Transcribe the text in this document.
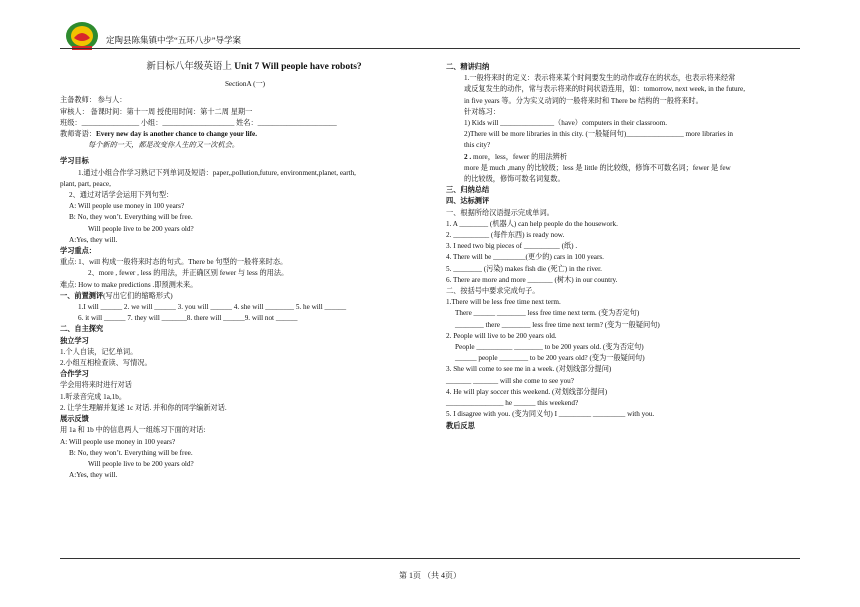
定陶县陈集镇中学“五环八步”导学案
新目标八年级英语上 Unit 7 Will people have robots?
SectionA (一)
主备教师： 参与人：
审核人： 备课时间：第十一周 授使用时间：第十二周 星期一
班级：________________ 小组：____________________ 姓名：______________________
教师寄语：Every new day is another chance to change your life.
每个新的一天，都是改变你人生的又一次机会。
学习目标
1.通过小组合作学习熟记下列单词及短语：paper,,pollution,future, environment,planet, earth,
plant, part, peace,
2、通过对话学会运用下列句型：
A: Will people use money in 100 years?
B: No, they won’t. Everything will be free.
Will people live to be 200 years old?
A:Yes, they will.
学习重点：
重点: 1、will 构成一般将来时态的句式。There be 句型的一般将来时态。
2、more , fewer , less 的用法，并正确区别 fewer 与 less 的用法。
难点: How to make predictions .即预测未来。
一、前置测评(写出它们的缩略形式)
1.I will ______ 2. we will ______ 3. you will ______ 4. she will ________ 5. he will ______
6. it will ______ 7. they will _______8. there will ______9. will not ______
二、自主探究
独立学习
1.个人自读，记忆单词。
2.小组互相检查读、写情况。
合作学习
学会用将来时进行对话
1.听录音完成 1a,1b。
2. 让学生理解并复述 1c 对话. 并和你的同学编新对话.
展示反馈
用 1a 和 1b 中的信息两人一组练习下面的对话:
A: Will people use money in 100 years?
B: No, they won’t. Everything will be free.
Will people live to be 200 years old?
A:Yes, they will.
二、精讲归纳
1.一般将来时的定义：表示将来某个时间要发生的动作或存在的状态，也表示将来经常
或反复发生的动作，常与表示将来的时间状语连用，如：tomorrow, next week, in the future,
in five years 等。分为实义动词的一般将来时和 There be 结构的一般将来时。
针对练习：
1) Kids will _______________（have）computers in their classroom.
2)There will be more libraries in this city. (一般疑问句)________________ more libraries in
this city?
2 . more，less，fewer 的用法辨析
more 是 much ,many 的比较级；less 是 little 的比较级，修饰不可数名词；fewer 是 few
的比较级，修饰可数名词复数。
三、归纳总结
四、达标测评
一、根据所给汉语提示完成单词。
1. A ________ (机器人) can help people do the housework.
2. __________ (每件东西) is ready now.
3. I need two big pieces of __________ (纸) .
4. There will be _________(更少的) cars in 100 years.
5. ________ (污染) makes fish die (死亡) in the river.
6. There are more and more _______ (树木) in our country.
二、按括号中要求完成句子。
1.There will be less free time next term.
There ______ ________ less free time next term. (变为否定句)
________ there ________ less free time next term? (变为一般疑问句)
2. People will live to be 200 years old.
People __________ ________ to be 200 years old. (变为否定句)
______ people ________ to be 200 years old? (变为一般疑问句)
3. She will come to see me in a week. (对划线部分提问)
_______ _______ will she come to see you?
4. He will play soccer this weekend. (对划线部分提问)
________________ he ______ this weekend?
5. I disagree with you. (变为同义句) I _________ _________ with you.
教后反思
第 1页 （共 4页）
